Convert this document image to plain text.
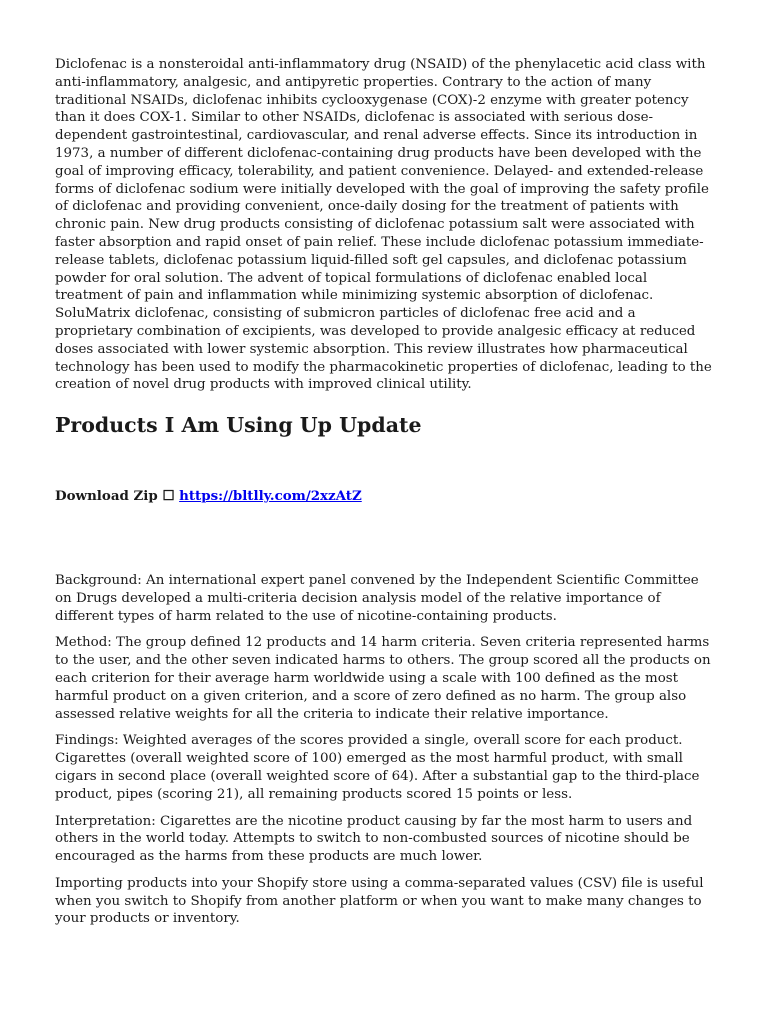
Diclofenac is a nonsteroidal anti-inflammatory drug (NSAID) of the phenylacetic acid class with anti-inflammatory, analgesic, and antipyretic properties. Contrary to the action of many traditional NSAIDs, diclofenac inhibits cyclooxygenase (COX)-2 enzyme with greater potency than it does COX-1. Similar to other NSAIDs, diclofenac is associated with serious dose-dependent gastrointestinal, cardiovascular, and renal adverse effects. Since its introduction in 1973, a number of different diclofenac-containing drug products have been developed with the goal of improving efficacy, tolerability, and patient convenience. Delayed- and extended-release forms of diclofenac sodium were initially developed with the goal of improving the safety profile of diclofenac and providing convenient, once-daily dosing for the treatment of patients with chronic pain. New drug products consisting of diclofenac potassium salt were associated with faster absorption and rapid onset of pain relief. These include diclofenac potassium immediate-release tablets, diclofenac potassium liquid-filled soft gel capsules, and diclofenac potassium powder for oral solution. The advent of topical formulations of diclofenac enabled local treatment of pain and inflammation while minimizing systemic absorption of diclofenac. SoluMatrix diclofenac, consisting of submicron particles of diclofenac free acid and a proprietary combination of excipients, was developed to provide analgesic efficacy at reduced doses associated with lower systemic absorption. This review illustrates how pharmaceutical technology has been used to modify the pharmacokinetic properties of diclofenac, leading to the creation of novel drug products with improved clinical utility.

Products I Am Using Up Update
Download Zip ☐ https://bltlly.com/2xzAtZ

Background: An international expert panel convened by the Independent Scientific Committee on Drugs developed a multi-criteria decision analysis model of the relative importance of different types of harm related to the use of nicotine-containing products.

Method: The group defined 12 products and 14 harm criteria. Seven criteria represented harms to the user, and the other seven indicated harms to others. The group scored all the products on each criterion for their average harm worldwide using a scale with 100 defined as the most harmful product on a given criterion, and a score of zero defined as no harm. The group also assessed relative weights for all the criteria to indicate their relative importance.

Findings: Weighted averages of the scores provided a single, overall score for each product. Cigarettes (overall weighted score of 100) emerged as the most harmful product, with small cigars in second place (overall weighted score of 64). After a substantial gap to the third-place product, pipes (scoring 21), all remaining products scored 15 points or less.

Interpretation: Cigarettes are the nicotine product causing by far the most harm to users and others in the world today. Attempts to switch to non-combusted sources of nicotine should be encouraged as the harms from these products are much lower.

Importing products into your Shopify store using a comma-separated values (CSV) file is useful when you switch to Shopify from another platform or when you want to make many changes to your products or inventory.
